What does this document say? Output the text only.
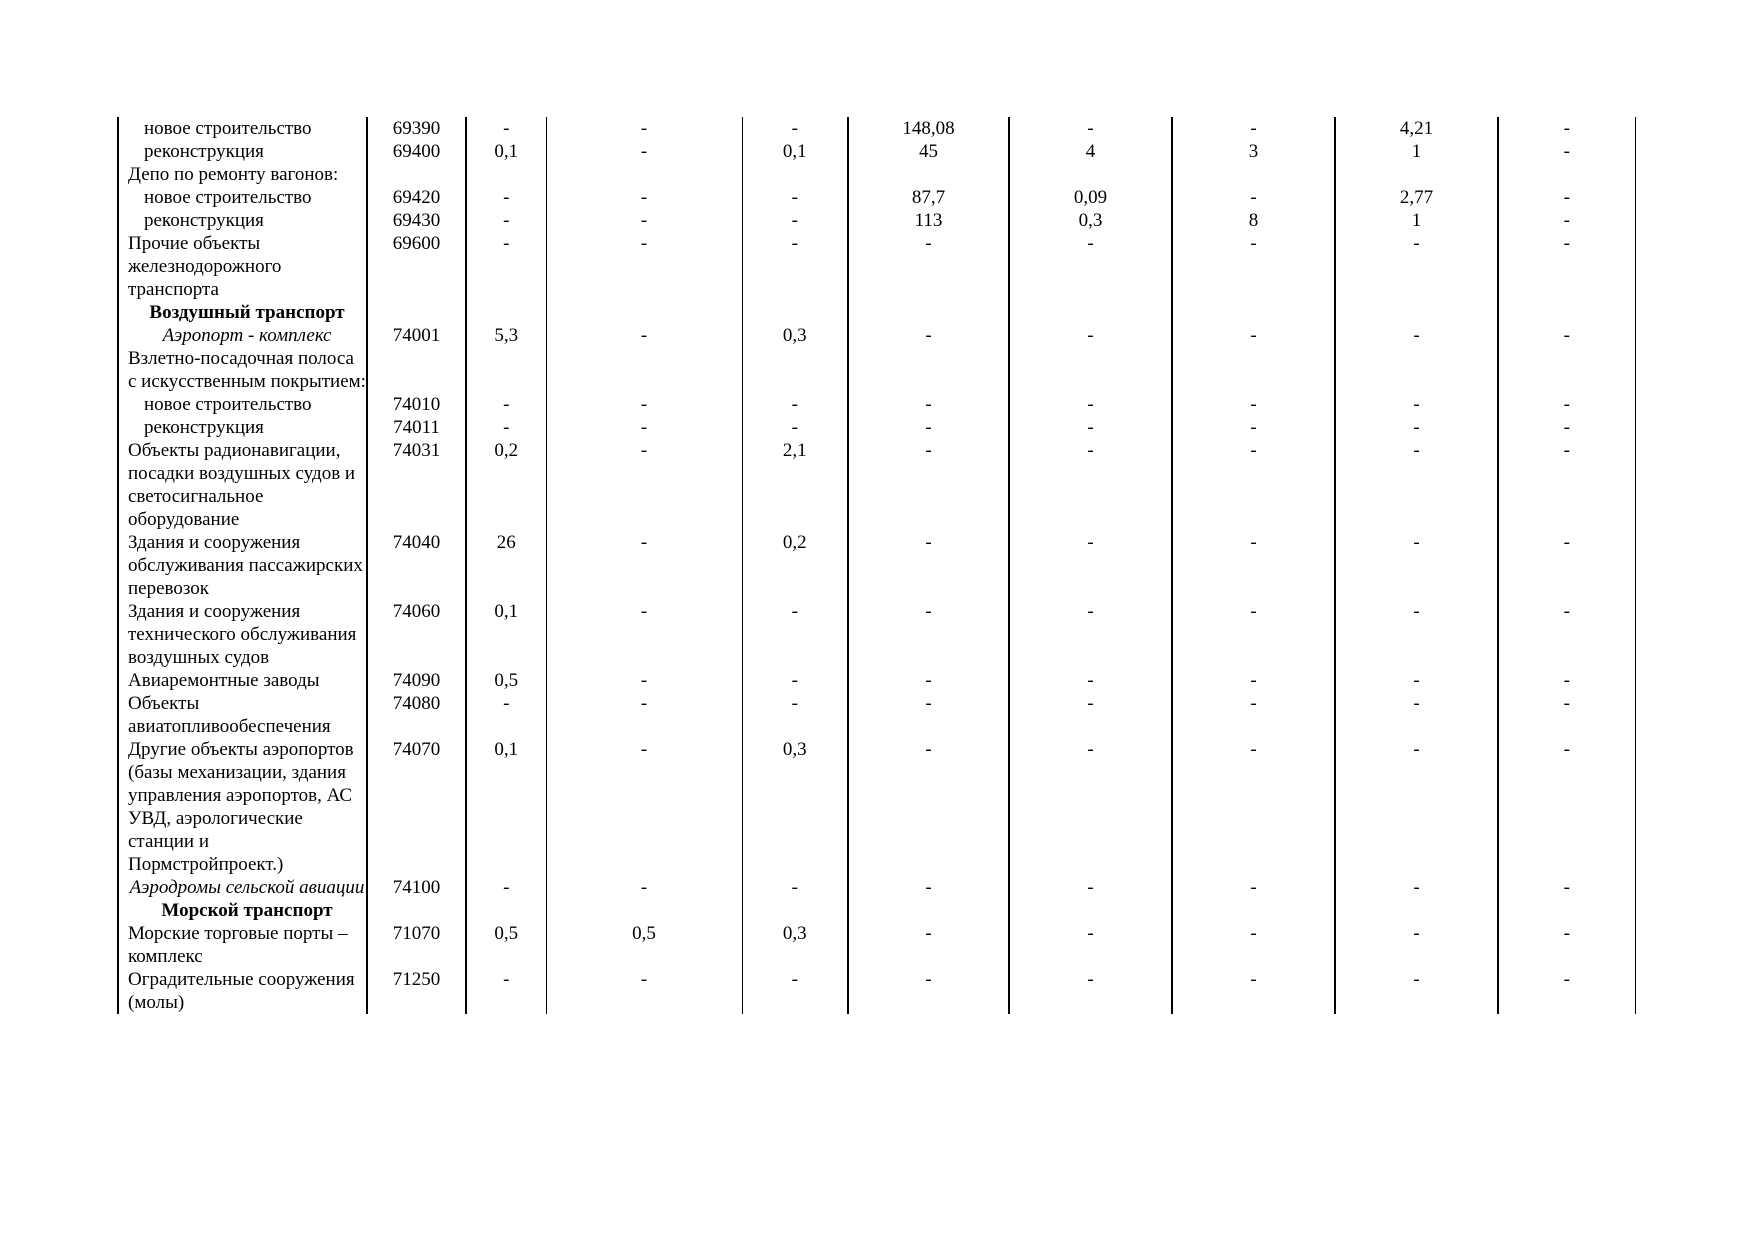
новое строительство	69390	-	-	-	148,08	-	-	4,21	-
реконструкция	69400	0,1	-	0,1	45	4	3	1	-
Депо по ремонту вагонов:									
новое строительство	69420	-	-	-	87,7	0,09	-	2,77	-
реконструкция	69430	-	-	-	113	0,3	8	1	-
Прочие объекты железнодорожного транспорта	69600	-	-	-	-	-	-	-	-
Воздушный транспорт									
Аэропорт - комплекс	74001	5,3	-	0,3	-	-	-	-	-
Взлетно-посадочная полоса с искусственным покрытием:									
новое строительство	74010	-	-	-	-	-	-	-	-
реконструкция	74011	-	-	-	-	-	-	-	-
Объекты радионавигации, посадки воздушных судов и светосигнальное оборудование	74031	0,2	-	2,1	-	-	-	-	-
Здания и сооружения обслуживания пассажирских перевозок	74040	26	-	0,2	-	-	-	-	-
Здания и сооружения технического обслуживания воздушных судов	74060	0,1	-	-	-	-	-	-	-
Авиаремонтные заводы	74090	0,5	-	-	-	-	-	-	-
Объекты авиатопливообеспечения	74080	-	-	-	-	-	-	-	-
Другие объекты аэропортов (базы механизации, здания управления аэропортов, АС УВД, аэрологические станции и Пормстройпроект.)	74070	0,1	-	0,3	-	-	-	-	-
Аэродромы сельской авиации	74100	-	-	-	-	-	-	-	-
Морской транспорт									
Морские торговые порты – комплекс	71070	0,5	0,5	0,3	-	-	-	-	-
Оградительные сооружения (молы)	71250	-	-	-	-	-	-	-	-
